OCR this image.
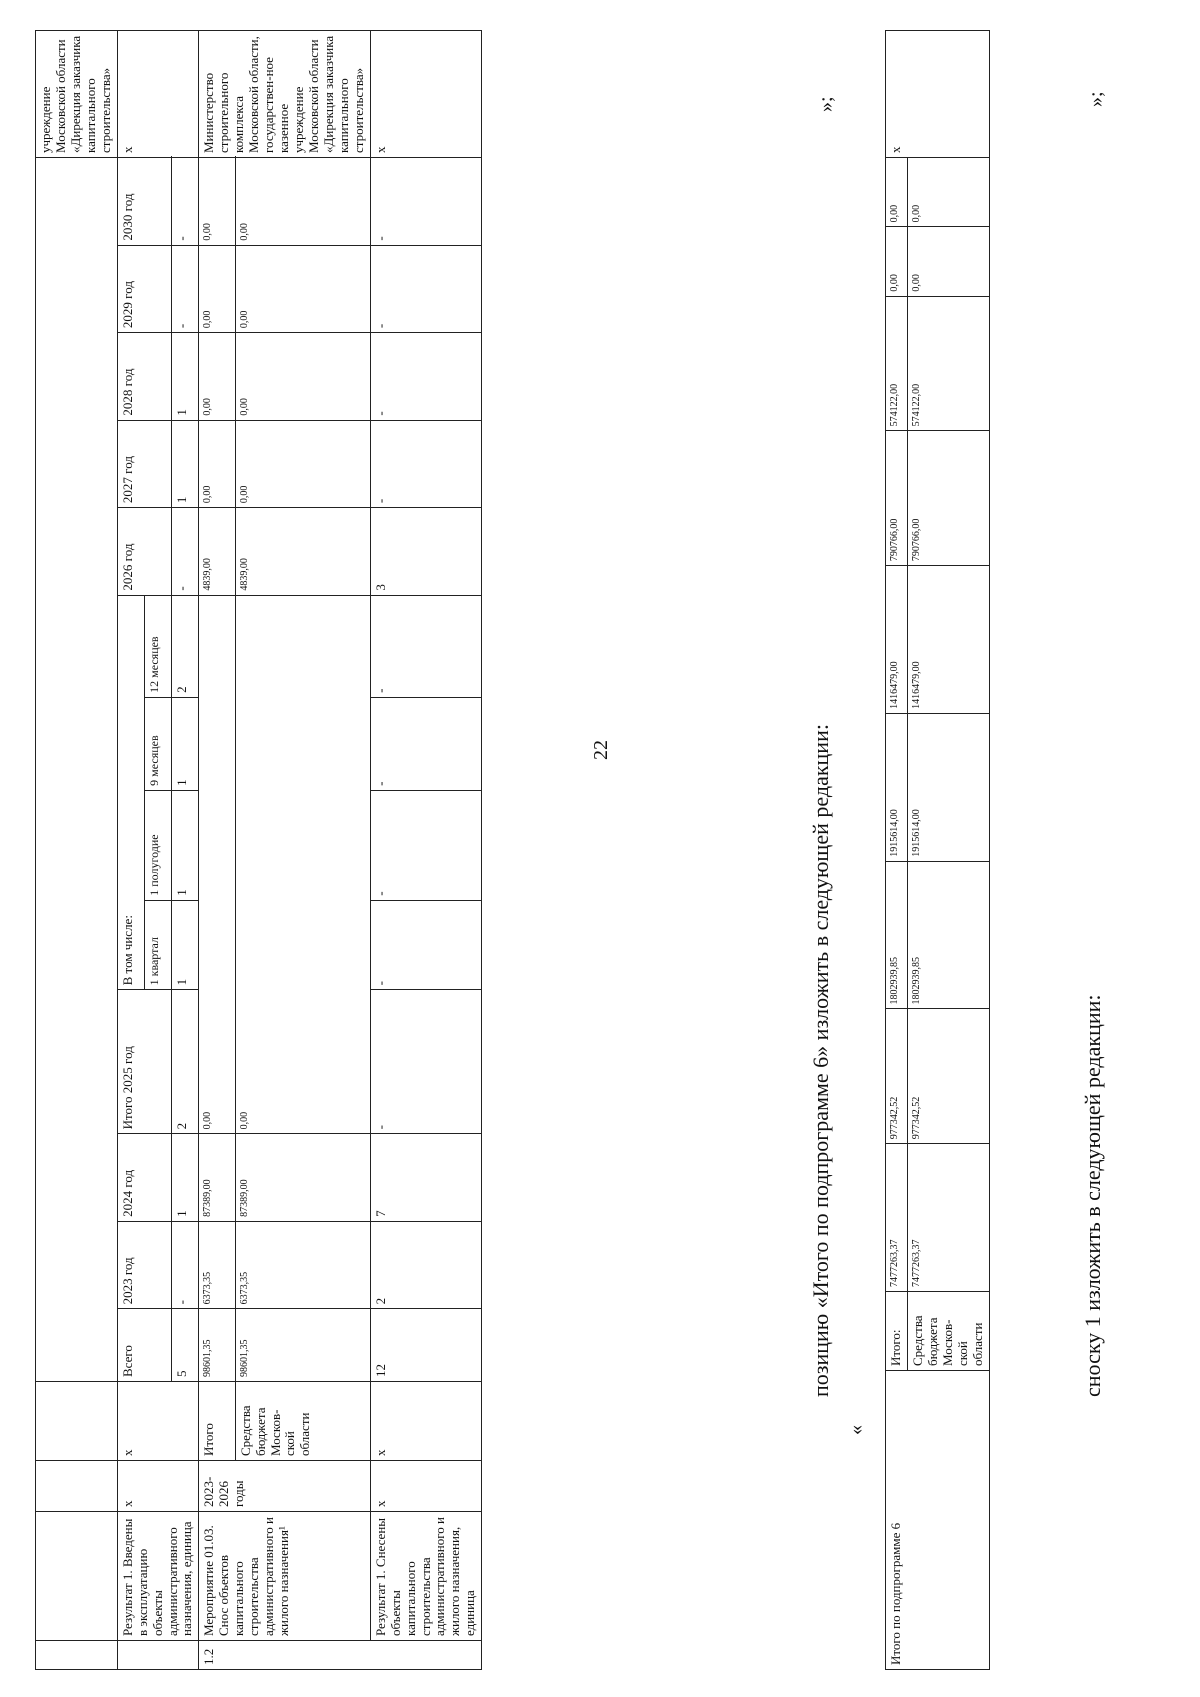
позицию «Итого по подпрограмме 6» изложить в следующей редакции:
«
»;
сноску 1 изложить в следующей редакции:
»;
																	учреждение Московской области «Дирекция заказчика капитального строительства»
	Результат 1. Введены в эксплуатацию объекты административного назначения, единица	х	х	Всего	2023 год	2024 год	Итого 2025 год	В том числе:				2026 год	2027 год	2028 год	2029 год	2030 год	х
								1 квартал	1 полугодие	9 месяцев	12 месяцев						
				5	-	1	2	1	1	1	2	-	1	1	-	-	
1.2	Мероприятие 01.03. Снос объектов капитального строительства административного и жилого назначения¹	2023-2026 годы	Итого	98601,35	6373,35	87389,00	0,00					4839,00	0,00	0,00	0,00	0,00	Министерство строительного комплекса Московской области, государствен-ное казенное учреждение Московской области «Дирекция заказчика капитального строительства»
			Средства бюджета Москов-ской области	98601,35	6373,35	87389,00	0,00					4839,00	0,00	0,00	0,00	0,00	
	Результат 1. Снесены объекты капитального строительства административного и жилого назначения, единица	х	х	12	2	7	-	-	-	-	-	3	-	-	-	-	х
Итого по подпрограмме 6	Итого:	7477263,37	977342,52	1802939,85	1915614,00	1416479,00	790766,00	574122,00	0,00	0,00	х
	Средства бюджета Москов-ской области	7477263,37	977342,52	1802939,85	1915614,00	1416479,00	790766,00	574122,00	0,00	0,00	
22
